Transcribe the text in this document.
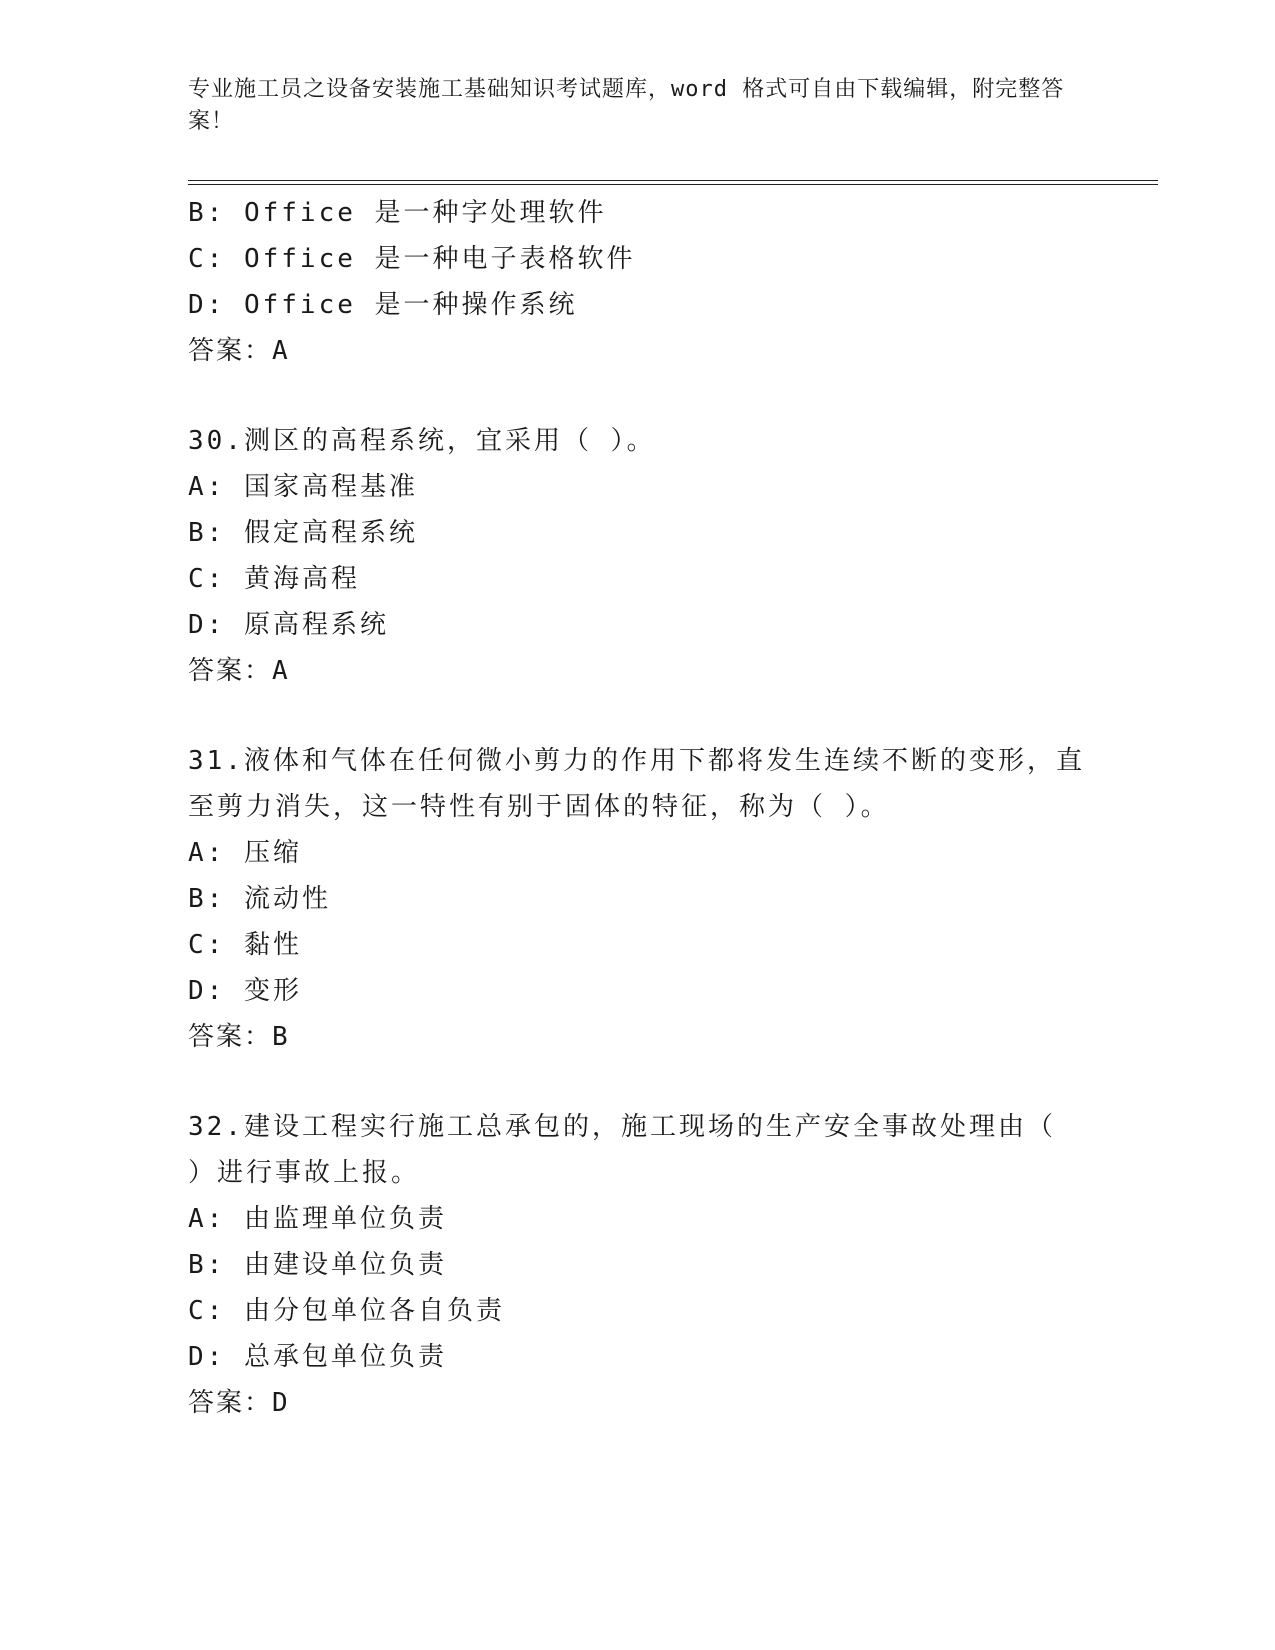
专业施工员之设备安装施工基础知识考试题库，word 格式可自由下载编辑，附完整答案！
B: Office 是一种字处理软件
C: Office 是一种电子表格软件
D: Office 是一种操作系统
答案：A
30.测区的高程系统，宜采用（ ）。
A: 国家高程基准
B: 假定高程系统
C: 黄海高程
D: 原高程系统
答案：A
31.液体和气体在任何微小剪力的作用下都将发生连续不断的变形，直
至剪力消失，这一特性有别于固体的特征，称为（ ）。
A: 压缩
B: 流动性
C: 黏性
D: 变形
答案：B
32.建设工程实行施工总承包的，施工现场的生产安全事故处理由（
）进行事故上报。
A: 由监理单位负责
B: 由建设单位负责
C: 由分包单位各自负责
D: 总承包单位负责
答案：D
